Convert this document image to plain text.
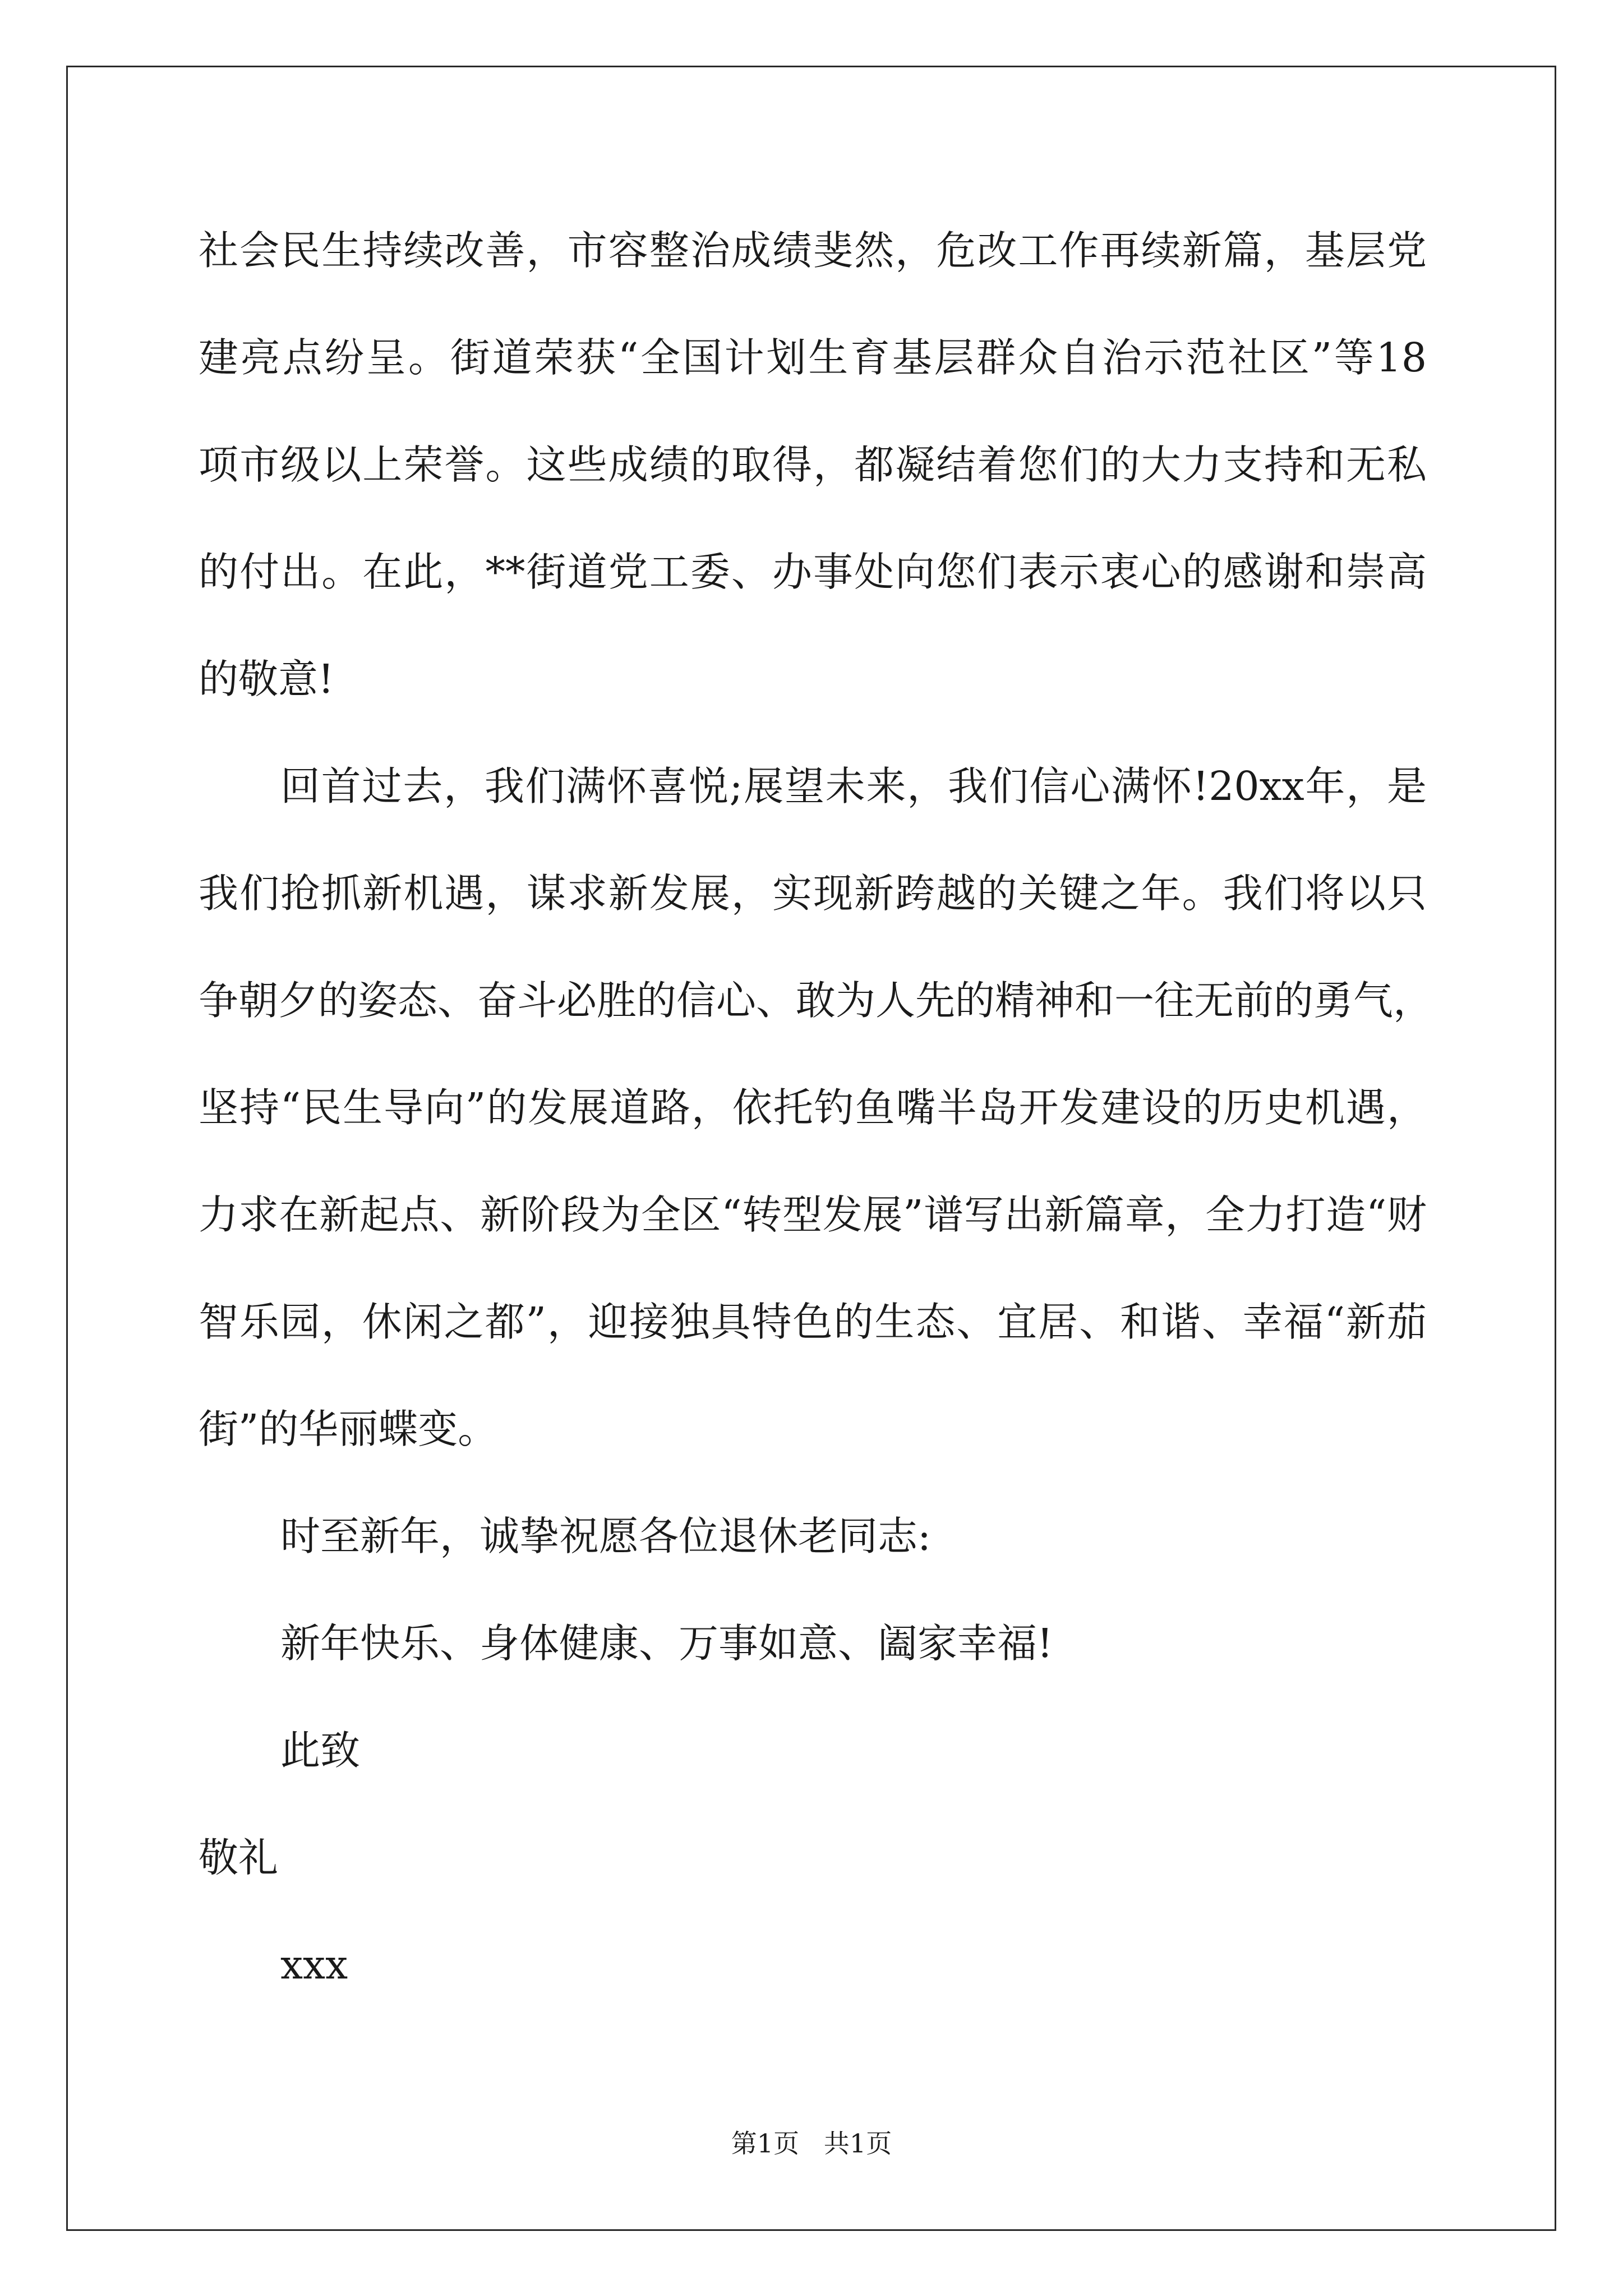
社会民生持续改善，市容整治成绩斐然，危改工作再续新篇，基层党
建亮点纷呈。街道荣获“全国计划生育基层群众自治示范社区”等18
项市级以上荣誉。这些成绩的取得，都凝结着您们的大力支持和无私
的付出。在此，**街道党工委、办事处向您们表示衷心的感谢和崇高
的敬意!
回首过去，我们满怀喜悦;展望未来，我们信心满怀!20xx年，是
我们抢抓新机遇，谋求新发展，实现新跨越的关键之年。我们将以只
争朝夕的姿态、奋斗必胜的信心、敢为人先的精神和一往无前的勇气，
坚持“民生导向”的发展道路，依托钓鱼嘴半岛开发建设的历史机遇，
力求在新起点、新阶段为全区“转型发展”谱写出新篇章，全力打造“财
智乐园，休闲之都”，迎接独具特色的生态、宜居、和谐、幸福“新茄
街”的华丽蝶变。
时至新年，诚挚祝愿各位退休老同志:
新年快乐、身体健康、万事如意、阖家幸福!
此致
敬礼
xxx
第1页   共1页
